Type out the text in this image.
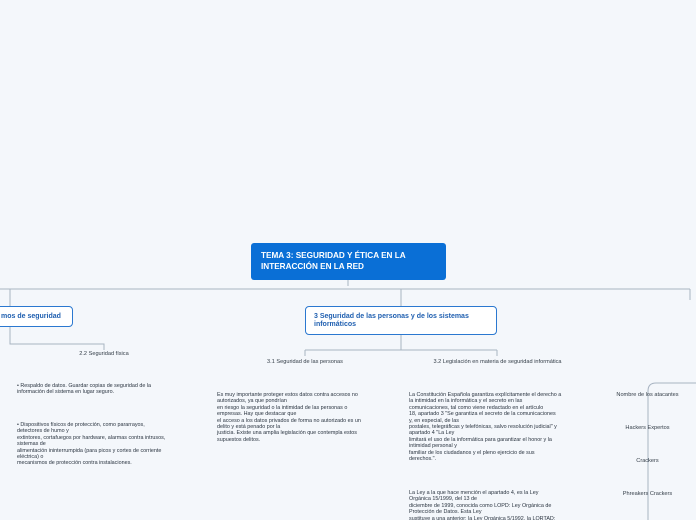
TEMA 3: SEGURIDAD Y ÉTICA EN LA INTERACCIÓN EN LA RED
mos de seguridad	3 Seguridad de las personas y de los sistemas informáticos
2.2 Seguridad física
3.1 Seguridad de las personas	3.2 Legislación en materia de seguridad informática
• Respaldo de datos. Guardar copias de seguridad de la
información del sistema en lugar seguro.
• Dispositivos físicos de protección, como pararrayos,
detectores de humo y
extintores, cortafuegos por hardware, alarmas contra intrusos,
sistemas de
alimentación ininterrumpida (para picos y cortes de corriente
eléctrica) o
mecanismos de protección contra instalaciones.
Es muy importante proteger estos datos contra accesos no
autorizados, ya que pondrían
en riesgo la seguridad o la intimidad de las personas o
empresas. Hay que destacar que
el acceso a los datos privados de forma no autorizado es un
delito y está penado por la
justicia. Existe una amplia legislación que contempla estos
supuestos delitos.
La Constitución Española garantiza explícitamente el derecho a
la intimidad en la informática y el secreto en las
comunicaciones, tal como viene redactado en el artículo
18, apartado 3 "Se garantiza el secreto de la comunicaciones
y, en especial, de las
postales, telegráficas y telefónicas, salvo resolución judicial" y
apartado 4 "La Ley
limitará el uso de la informática para garantizar el honor y la
intimidad personal y
familiar de los ciudadanos y el pleno ejercicio de sus
derechos.".
La Ley a la que hace mención el apartado 4, es la Ley
Orgánica 15/1999, del 13 de
diciembre de 1999, conocida como LOPD: Ley Orgánica de
Protección de Datos. Esta Ley
sustituye a una anterior: la Ley Orgánica 5/1992, la LORTAD:
Nombre de los atacantes
Hackers Expertos
Crackers
Phreakers Crackers
